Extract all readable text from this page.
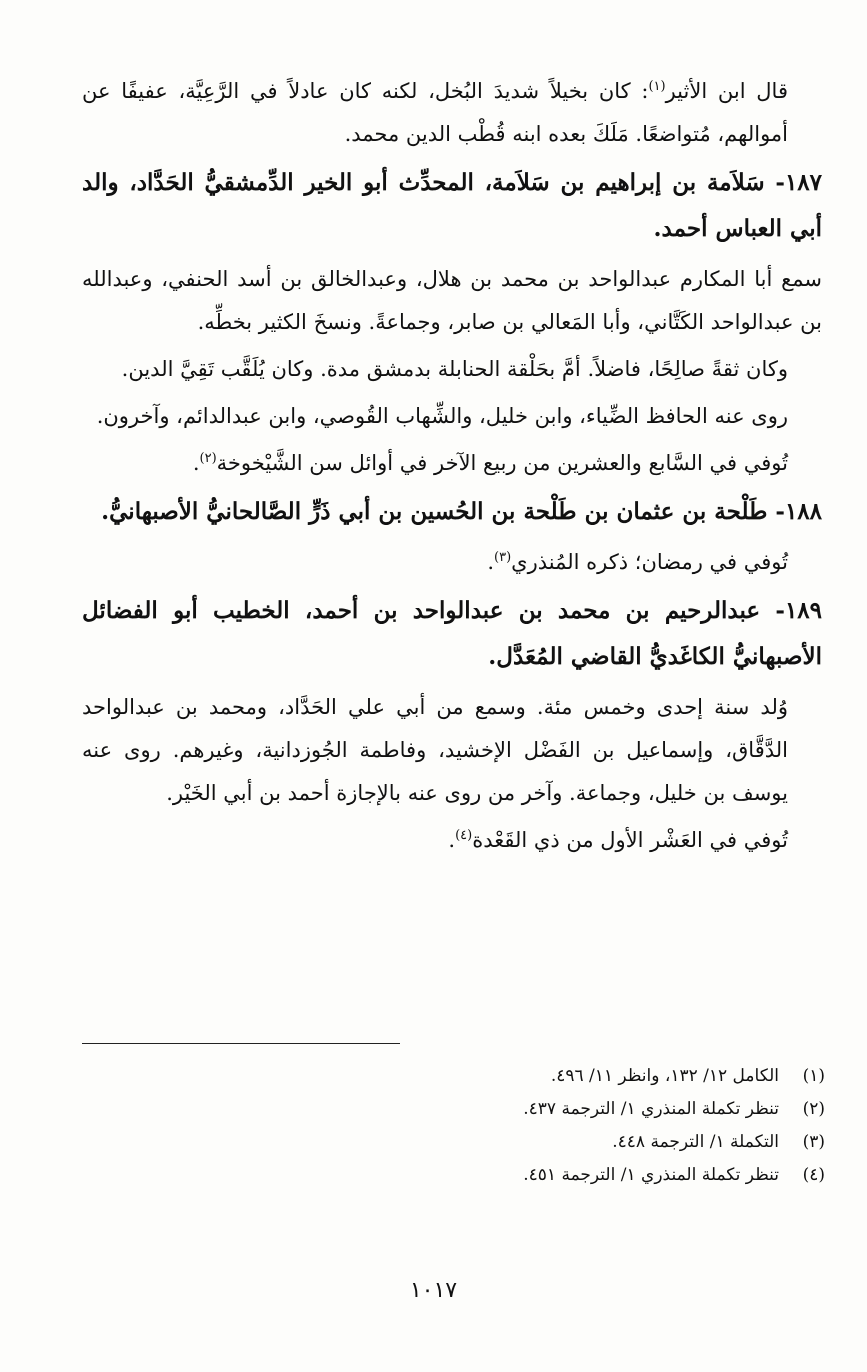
قال ابن الأثير$^{(١)}$: كان بخيلاً شديدَ البُخل، لكنه كان عادلاً في الرَّعِيَّة، عفيفًا عن أموالهم، مُتواضعًا. مَلَكَ بعده ابنه قُطْب الدين محمد.

١٨٧- سَلاَمة بن إبراهيم بن سَلاَمة، المحدِّث أبو الخير الدِّمشقيُّ الحَدَّاد، والد أبي العباس أحمد.

سمع أبا المكارم عبدالواحد بن محمد بن هلال، وعبدالخالق بن أسد الحنفي، وعبدالله بن عبدالواحد الكَتَّاني، وأبا المَعالي بن صابر، وجماعةً. ونسخَ الكثير بخطِّه.

وكان ثقةً صالِحًا، فاضلاً. أمَّ بحَلْقة الحنابلة بدمشق مدة. وكان يُلَقَّب تَقِيَّ الدين.

روى عنه الحافظ الضِّياء، وابن خليل، والشِّهاب القُوصي، وابن عبدالدائم، وآخرون.

تُوفي في السَّابع والعشرين من ربيع الآخر في أوائل سن الشَّيْخوخة$^{(٢)}$.

١٨٨- طَلْحة بن عثمان بن طَلْحة بن الحُسين بن أبي ذَرٍّ الصَّالحانيُّ الأصبهانيُّ.

تُوفي في رمضان؛ ذكره المُنذري$^{(٣)}$.

١٨٩- عبدالرحيم بن محمد بن عبدالواحد بن أحمد، الخطيب أبو الفضائل الأصبهانيُّ الكاغَديُّ القاضي المُعَدَّل.

وُلد سنة إحدى وخمس مئة. وسمع من أبي علي الحَدَّاد، ومحمد بن عبدالواحد الدَّقَّاق، وإسماعيل بن الفَضْل الإخشيد، وفاطمة الجُوزدانية، وغيرهم. روى عنه يوسف بن خليل، وجماعة. وآخر من روى عنه بالإجازة أحمد بن أبي الخَيْر.

تُوفي في العَشْر الأول من ذي القَعْدة$^{(٤)}$.

(١)الكامل ١٢/ ١٣٢، وانظر ١١/ ٤٩٦.
(٢)تنظر تكملة المنذري ١/ الترجمة ٤٣٧.
(٣)التكملة ١/ الترجمة ٤٤٨.
(٤)تنظر تكملة المنذري ١/ الترجمة ٤٥١.
١٠١٧
